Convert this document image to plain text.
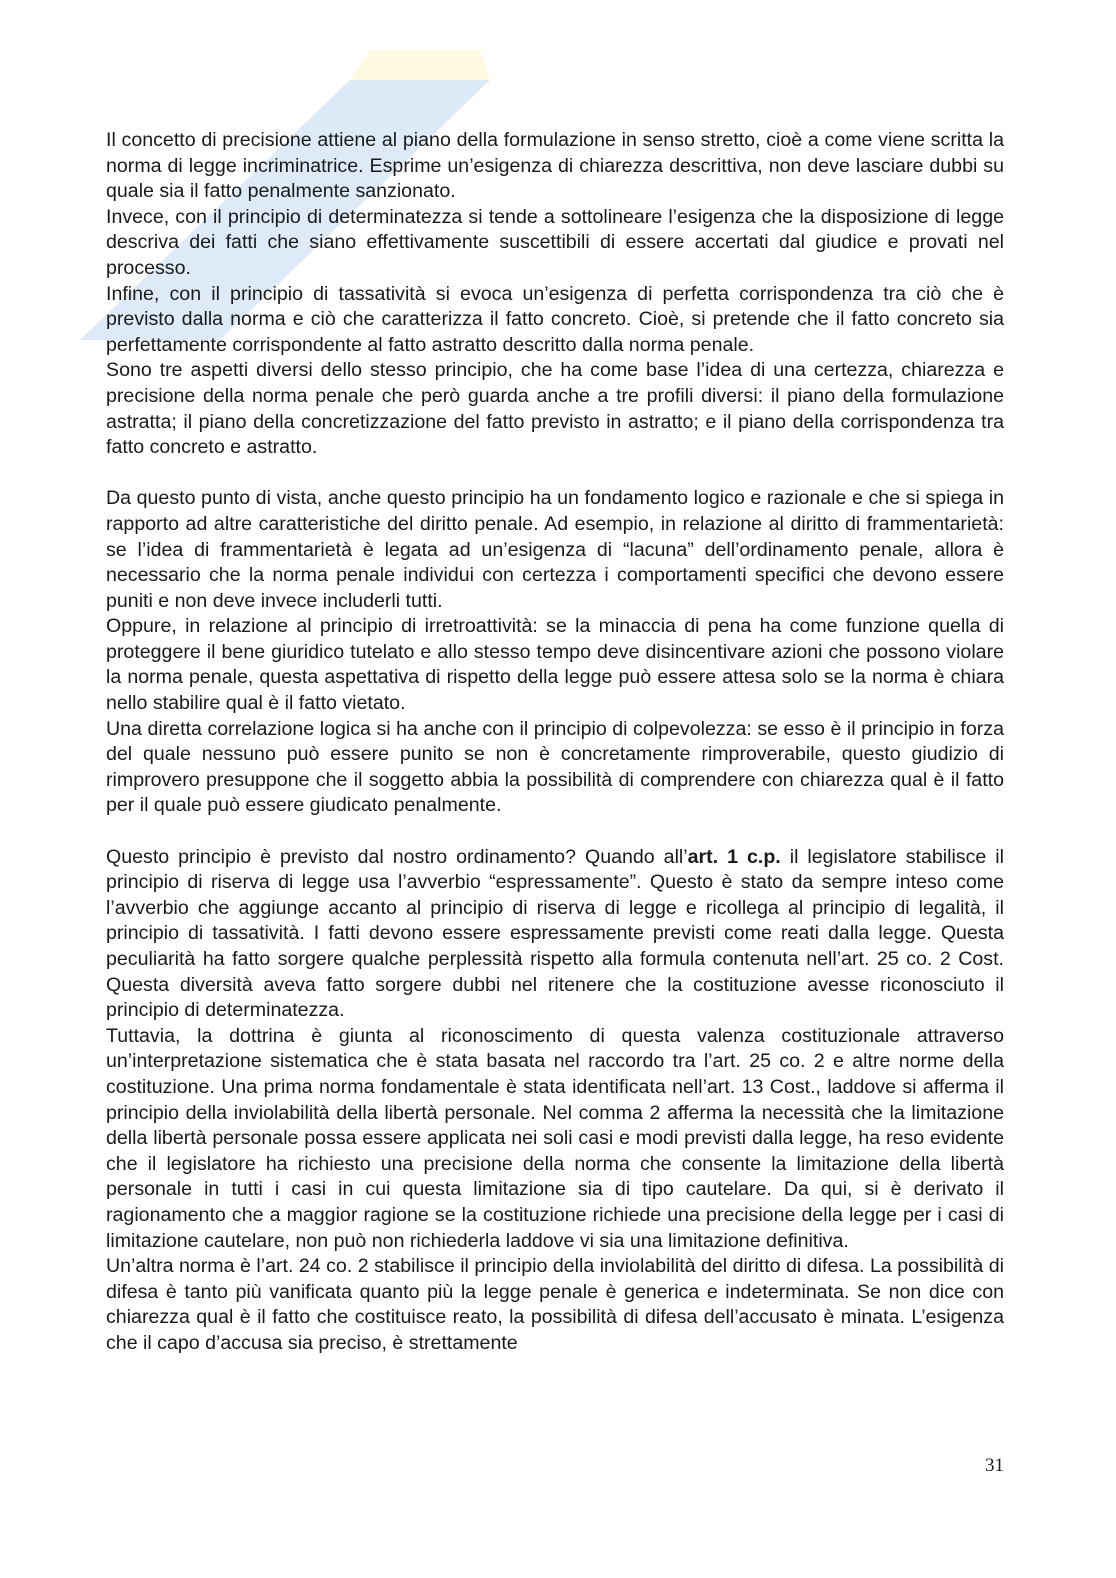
Il concetto di precisione attiene al piano della formulazione in senso stretto, cioè a come viene scritta la norma di legge incriminatrice. Esprime un’esigenza di chiarezza descrittiva, non deve lasciare dubbi su quale sia il fatto penalmente sanzionato.

Invece, con il principio di determinatezza si tende a sottolineare l’esigenza che la disposizione di legge descriva dei fatti che siano effettivamente suscettibili di essere accertati dal giudice e provati nel processo.

Infine, con il principio di tassatività si evoca un’esigenza di perfetta corrispondenza tra ciò che è previsto dalla norma e ciò che caratterizza il fatto concreto. Cioè, si pretende che il fatto concreto sia perfettamente corrispondente al fatto astratto descritto dalla norma penale.

Sono tre aspetti diversi dello stesso principio, che ha come base l’idea di una certezza, chiarezza e precisione della norma penale che però guarda anche a tre profili diversi: il piano della formulazione astratta; il piano della concretizzazione del fatto previsto in astratto; e il piano della corrispondenza tra fatto concreto e astratto.

Da questo punto di vista, anche questo principio ha un fondamento logico e razionale e che si spiega in rapporto ad altre caratteristiche del diritto penale. Ad esempio, in relazione al diritto di frammentarietà: se l’idea di frammentarietà è legata ad un’esigenza di “lacuna” dell’ordinamento penale, allora è necessario che la norma penale individui con certezza i comportamenti specifici che devono essere puniti e non deve invece includerli tutti.

Oppure, in relazione al principio di irretroattività: se la minaccia di pena ha come funzione quella di proteggere il bene giuridico tutelato e allo stesso tempo deve disincentivare azioni che possono violare la norma penale, questa aspettativa di rispetto della legge può essere attesa solo se la norma è chiara nello stabilire qual è il fatto vietato.

Una diretta correlazione logica si ha anche con il principio di colpevolezza: se esso è il principio in forza del quale nessuno può essere punito se non è concretamente rimproverabile, questo giudizio di rimprovero presuppone che il soggetto abbia la possibilità di comprendere con chiarezza qual è il fatto per il quale può essere giudicato penalmente.

Questo principio è previsto dal nostro ordinamento? Quando all’art. 1 c.p. il legislatore stabilisce il principio di riserva di legge usa l’avverbio “espressamente”. Questo è stato da sempre inteso come l’avverbio che aggiunge accanto al principio di riserva di legge e ricollega al principio di legalità, il principio di tassatività. I fatti devono essere espressamente previsti come reati dalla legge. Questa peculiarità ha fatto sorgere qualche perplessità rispetto alla formula contenuta nell’art. 25 co. 2 Cost. Questa diversità aveva fatto sorgere dubbi nel ritenere che la costituzione avesse riconosciuto il principio di determinatezza.

Tuttavia, la dottrina è giunta al riconoscimento di questa valenza costituzionale attraverso un’interpretazione sistematica che è stata basata nel raccordo tra l’art. 25 co. 2 e altre norme della costituzione. Una prima norma fondamentale è stata identificata nell’art. 13 Cost., laddove si afferma il principio della inviolabilità della libertà personale. Nel comma 2 afferma la necessità che la limitazione della libertà personale possa essere applicata nei soli casi e modi previsti dalla legge, ha reso evidente che il legislatore ha richiesto una precisione della norma che consente la limitazione della libertà personale in tutti i casi in cui questa limitazione sia di tipo cautelare. Da qui, si è derivato il ragionamento che a maggior ragione se la costituzione richiede una precisione della legge per i casi di limitazione cautelare, non può non richiederla laddove vi sia una limitazione definitiva.

Un’altra norma è l’art. 24 co. 2 stabilisce il principio della inviolabilità del diritto di difesa. La possibilità di difesa è tanto più vanificata quanto più la legge penale è generica e indeterminata. Se non dice con chiarezza qual è il fatto che costituisce reato, la possibilità di difesa dell’accusato è minata. L’esigenza che il capo d’accusa sia preciso, è strettamente

31
